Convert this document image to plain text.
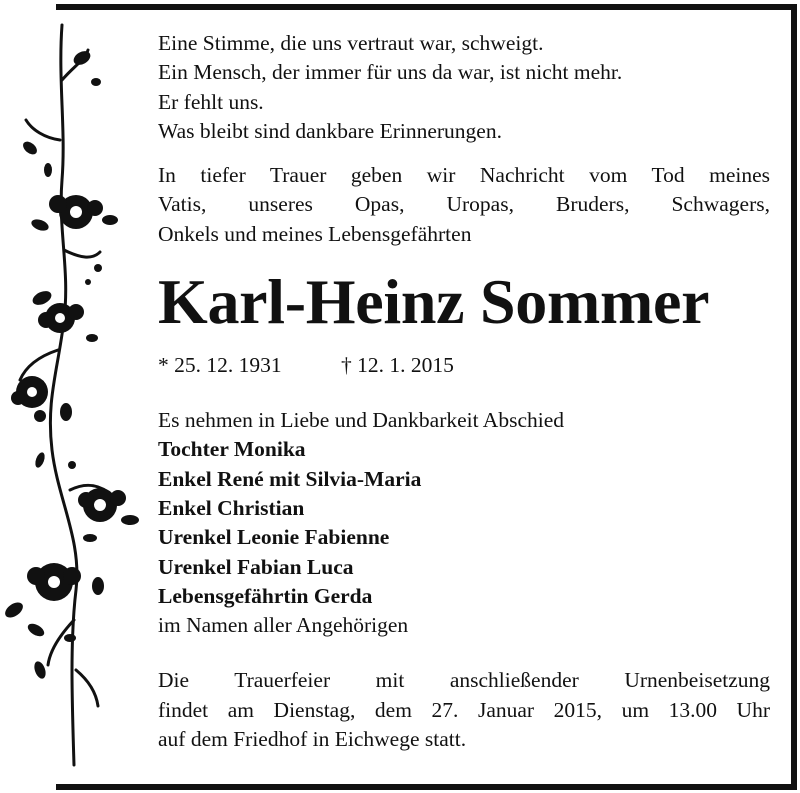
Eine Stimme, die uns vertraut war, schweigt.
Ein Mensch, der immer für uns da war, ist nicht mehr.
Er fehlt uns.
Was bleibt sind dankbare Erinnerungen.
In tiefer Trauer geben wir Nachricht vom Tod meines
Vatis, unseres Opas, Uropas, Bruders, Schwagers,
Onkels und meines Lebensgefährten
Karl-Heinz Sommer
* 25. 12. 1931	† 12. 1. 2015
Es nehmen in Liebe und Dankbarkeit Abschied
Tochter Monika
Enkel René mit Silvia-Maria
Enkel Christian
Urenkel Leonie Fabienne
Urenkel Fabian Luca
Lebensgefährtin Gerda
im Namen aller Angehörigen
Die Trauerfeier mit anschließender Urnenbeisetzung
findet am Dienstag, dem 27. Januar 2015, um 13.00 Uhr
auf dem Friedhof in Eichwege statt.
